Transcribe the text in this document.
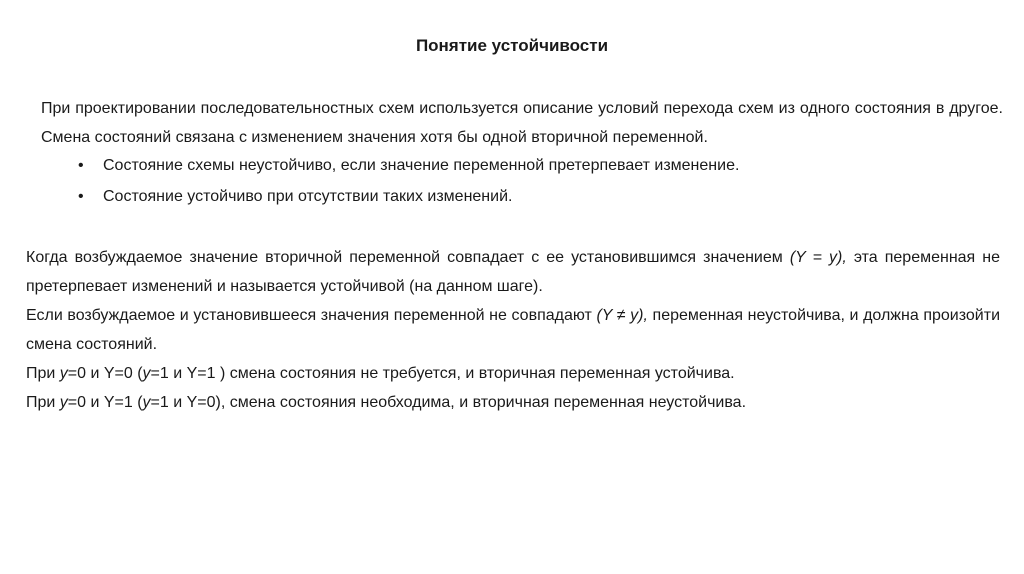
Понятие устойчивости

При проектировании последовательностных схем используется описание условий перехода схем из одного состояния в другое. Смена состояний связана с изменением значения хотя бы одной вторичной переменной.

• Состояние схемы неустойчиво, если значение переменной претерпевает изменение.
• Состояние устойчиво при отсутствии таких изменений.

Когда возбуждаемое значение вторичной переменной совпадает с ее установившимся значением (Y = y), эта переменная не претерпевает изменений и называется устойчивой (на данном шаге).

Если возбуждаемое и установившееся значения переменной не совпадают (Y ≠ y), переменная неустойчива, и должна произойти смена состояний.

При y=0 и Y=0 (y=1 и Y=1 ) смена состояния не требуется, и вторичная переменная устойчива.

При y=0 и Y=1 (y=1 и Y=0), смена состояния необходима, и вторичная переменная неустойчива.
